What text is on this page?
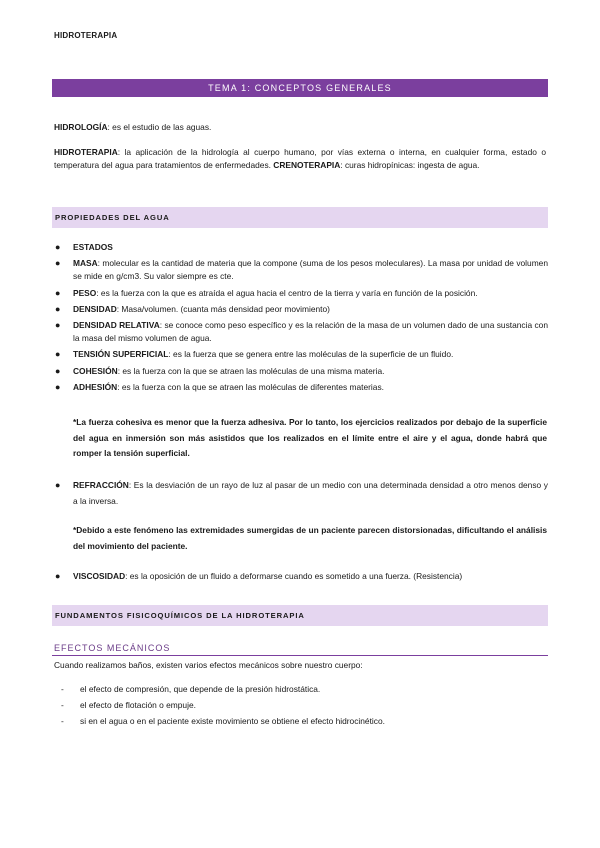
HIDROTERAPIA
TEMA 1: CONCEPTOS GENERALES
HIDROLOGÍA: es el estudio de las aguas.
HIDROTERAPIA: la aplicación de la hidrología al cuerpo humano, por vías externa o interna, en cualquier forma, estado o temperatura del agua para tratamientos de enfermedades. CRENOTERAPIA: curas hidropínicas: ingesta de agua.
PROPIEDADES DEL AGUA
● ESTADOS
● MASA: molecular es la cantidad de materia que la compone (suma de los pesos moleculares). La masa por unidad de volumen se mide en g/cm3. Su valor siempre es cte.
● PESO: es la fuerza con la que es atraída el agua hacia el centro de la tierra y varía en función de la posición.
● DENSIDAD: Masa/volumen. (cuanta más densidad peor movimiento)
● DENSIDAD RELATIVA: se conoce como peso específico y es la relación de la masa de un volumen dado de una sustancia con la masa del mismo volumen de agua.
● TENSIÓN SUPERFICIAL: es la fuerza que se genera entre las moléculas de la superficie de un fluido.
● COHESIÓN: es la fuerza con la que se atraen las moléculas de una misma materia.
● ADHESIÓN: es la fuerza con la que se atraen las moléculas de diferentes materias.
*La fuerza cohesiva es menor que la fuerza adhesiva. Por lo tanto, los ejercicios realizados por debajo de la superficie del agua en inmersión son más asistidos que los realizados en el límite entre el aire y el agua, donde habrá que romper la tensión superficial.
● REFRACCIÓN: Es la desviación de un rayo de luz al pasar de un medio con una determinada densidad a otro menos denso y a la inversa.
*Debido a este fenómeno las extremidades sumergidas de un paciente parecen distorsionadas, dificultando el análisis del movimiento del paciente.
● VISCOSIDAD: es la oposición de un fluido a deformarse cuando es sometido a una fuerza. (Resistencia)
FUNDAMENTOS FISICOQUÍMICOS DE LA HIDROTERAPIA
EFECTOS MECÁNICOS
Cuando realizamos baños, existen varios efectos mecánicos sobre nuestro cuerpo:
- el efecto de compresión, que depende de la presión hidrostática.
- el efecto de flotación o empuje.
- si en el agua o en el paciente existe movimiento se obtiene el efecto hidrocinético.
